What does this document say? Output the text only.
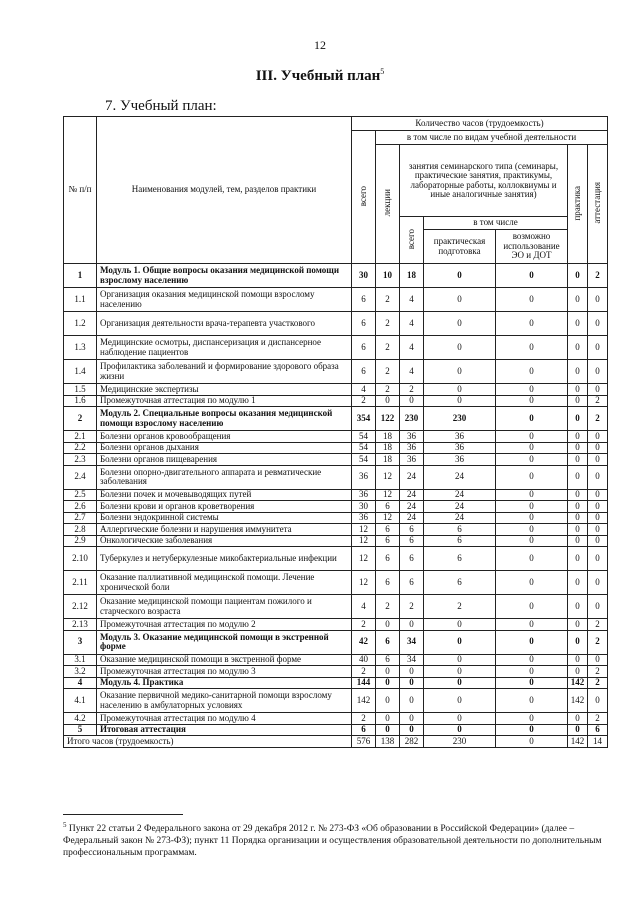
12
III. Учебный план$^5$
7. Учебный план:
№ п/п	Наименования модулей, тем, разделов практики	Количество часов (трудоемкость)						
		всего	в том числе по видам учебной деятельности					
			лекции	занятия семинарского типа (семинары, практические занятия, практикумы, лабораторные работы, коллоквиумы и иные аналогичные занятия)			практика	аттестация
				всего	в том числе			
					практическая подготовка	возможно использование ЭО и ДОТ		
1	Модуль 1. Общие вопросы оказания медицинской помощи взрослому населению	30	10	18	0	0	0	2
1.1	Организация оказания медицинской помощи взрослому населению	6	2	4	0	0	0	0
1.2	Организация деятельности врача-терапевта участкового	6	2	4	0	0	0	0
1.3	Медицинские осмотры, диспансеризация и диспансерное наблюдение пациентов	6	2	4	0	0	0	0
1.4	Профилактика заболеваний и формирование здорового образа жизни	6	2	4	0	0	0	0
1.5	Медицинские экспертизы	4	2	2	0	0	0	0
1.6	Промежуточная аттестация по модулю 1	2	0	0	0	0	0	2
2	Модуль 2. Специальные вопросы оказания медицинской помощи взрослому населению	354	122	230	230	0	0	2
2.1	Болезни органов кровообращения	54	18	36	36	0	0	0
2.2	Болезни органов дыхания	54	18	36	36	0	0	0
2.3	Болезни органов пищеварения	54	18	36	36	0	0	0
2.4	Болезни опорно-двигательного аппарата и ревматические заболевания	36	12	24	24	0	0	0
2.5	Болезни почек и мочевыводящих путей	36	12	24	24	0	0	0
2.6	Болезни крови и органов кроветворения	30	6	24	24	0	0	0
2.7	Болезни эндокринной системы	36	12	24	24	0	0	0
2.8	Аллергические болезни и нарушения иммунитета	12	6	6	6	0	0	0
2.9	Онкологические заболевания	12	6	6	6	0	0	0
2.10	Туберкулез и нетуберкулезные микобактериальные инфекции	12	6	6	6	0	0	0
2.11	Оказание паллиативной медицинской помощи. Лечение хронической боли	12	6	6	6	0	0	0
2.12	Оказание медицинской помощи пациентам пожилого и старческого возраста	4	2	2	2	0	0	0
2.13	Промежуточная аттестация по модулю 2	2	0	0	0	0	0	2
3	Модуль 3. Оказание медицинской помощи в экстренной форме	42	6	34	0	0	0	2
3.1	Оказание медицинской помощи в экстренной форме	40	6	34	0	0	0	0
3.2	Промежуточная аттестация по модулю 3	2	0	0	0	0	0	2
4	Модуль 4. Практика	144	0	0	0	0	142	2
4.1	Оказание первичной медико-санитарной помощи взрослому населению в амбулаторных условиях	142	0	0	0	0	142	0
4.2	Промежуточная аттестация по модулю 4	2	0	0	0	0	0	2
5	Итоговая аттестация	6	0	0	0	0	0	6
Итого часов (трудоемкость)		576	138	282	230	0	142	14
$^5$ Пункт 22 статьи 2 Федерального закона от 29 декабря 2012 г. № 273-ФЗ «Об образовании в Российской Федерации» (далее – Федеральный закон № 273-ФЗ); пункт 11 Порядка организации и осуществления образовательной деятельности по дополнительным профессиональным программам.
